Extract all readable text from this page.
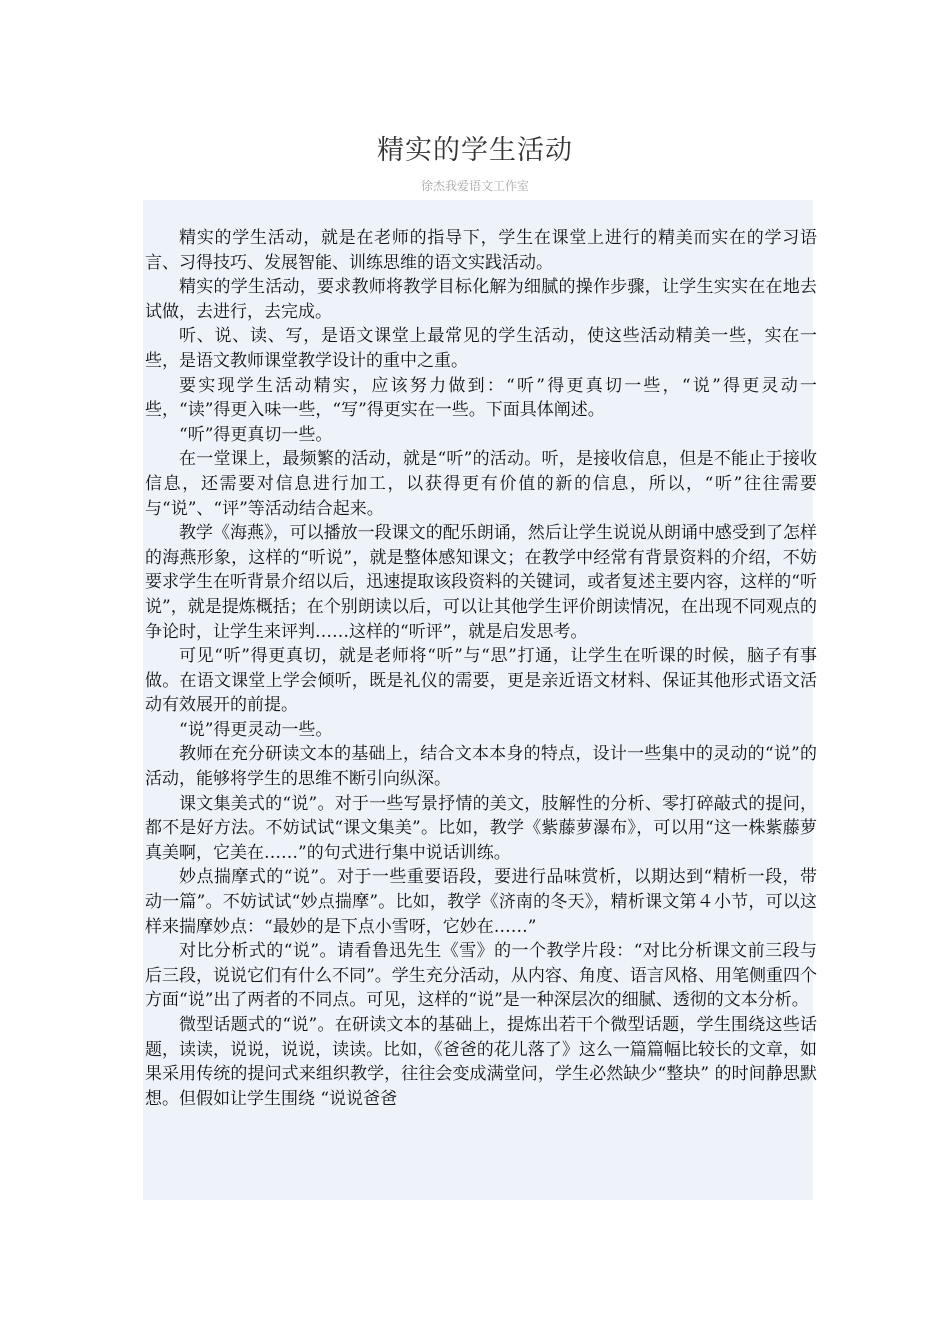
精实的学生活动
徐杰我爱语文工作室

精实的学生活动，就是在老师的指导下，学生在课堂上进行的精美而实在的学习语言、习得技巧、发展智能、训练思维的语文实践活动。

精实的学生活动，要求教师将教学目标化解为细腻的操作步骤，让学生实实在在地去试做，去进行，去完成。

听、说、读、写，是语文课堂上最常见的学生活动，使这些活动精美一些，实在一些，是语文教师课堂教学设计的重中之重。

要实现学生活动精实，应该努力做到：“听”得更真切一些，“说”得更灵动一些，“读”得更入味一些，“写”得更实在一些。下面具体阐述。

“听”得更真切一些。

在一堂课上，最频繁的活动，就是“听”的活动。听，是接收信息，但是不能止于接收信息，还需要对信息进行加工，以获得更有价值的新的信息，所以，“听”往往需要与“说”、“评”等活动结合起来。

教学《海燕》，可以播放一段课文的配乐朗诵，然后让学生说说从朗诵中感受到了怎样的海燕形象，这样的“听说”，就是整体感知课文；在教学中经常有背景资料的介绍，不妨要求学生在听背景介绍以后，迅速提取该段资料的关键词，或者复述主要内容，这样的“听说”，就是提炼概括；在个别朗读以后，可以让其他学生评价朗读情况，在出现不同观点的争论时，让学生来评判……这样的“听评”，就是启发思考。

可见“听”得更真切，就是老师将“听”与“思”打通，让学生在听课的时候，脑子有事做。在语文课堂上学会倾听，既是礼仪的需要，更是亲近语文材料、保证其他形式语文活动有效展开的前提。

“说”得更灵动一些。

教师在充分研读文本的基础上，结合文本本身的特点，设计一些集中的灵动的“说”的活动，能够将学生的思维不断引向纵深。

课文集美式的“说”。对于一些写景抒情的美文，肢解性的分析、零打碎敲式的提问，都不是好方法。不妨试试“课文集美”。比如，教学《紫藤萝瀑布》，可以用“这一株紫藤萝真美啊，它美在……”的句式进行集中说话训练。

妙点揣摩式的“说”。对于一些重要语段，要进行品味赏析，以期达到“精析一段，带动一篇”。不妨试试“妙点揣摩”。比如，教学《济南的冬天》，精析课文第４小节，可以这样来揣摩妙点：“最妙的是下点小雪呀，它妙在……”

对比分析式的“说”。请看鲁迅先生《雪》的一个教学片段：“对比分析课文前三段与后三段，说说它们有什么不同”。学生充分活动，从内容、角度、语言风格、用笔侧重四个方面“说”出了两者的不同点。可见，这样的“说”是一种深层次的细腻、透彻的文本分析。

微型话题式的“说”。在研读文本的基础上，提炼出若干个微型话题，学生围绕这些话题，读读，说说，说说，读读。比如，《爸爸的花儿落了》这么一篇篇幅比较长的文章，如果采用传统的提问式来组织教学，往往会变成满堂问，学生必然缺少“整块” 的时间静思默想。但假如让学生围绕 “说说爸爸
